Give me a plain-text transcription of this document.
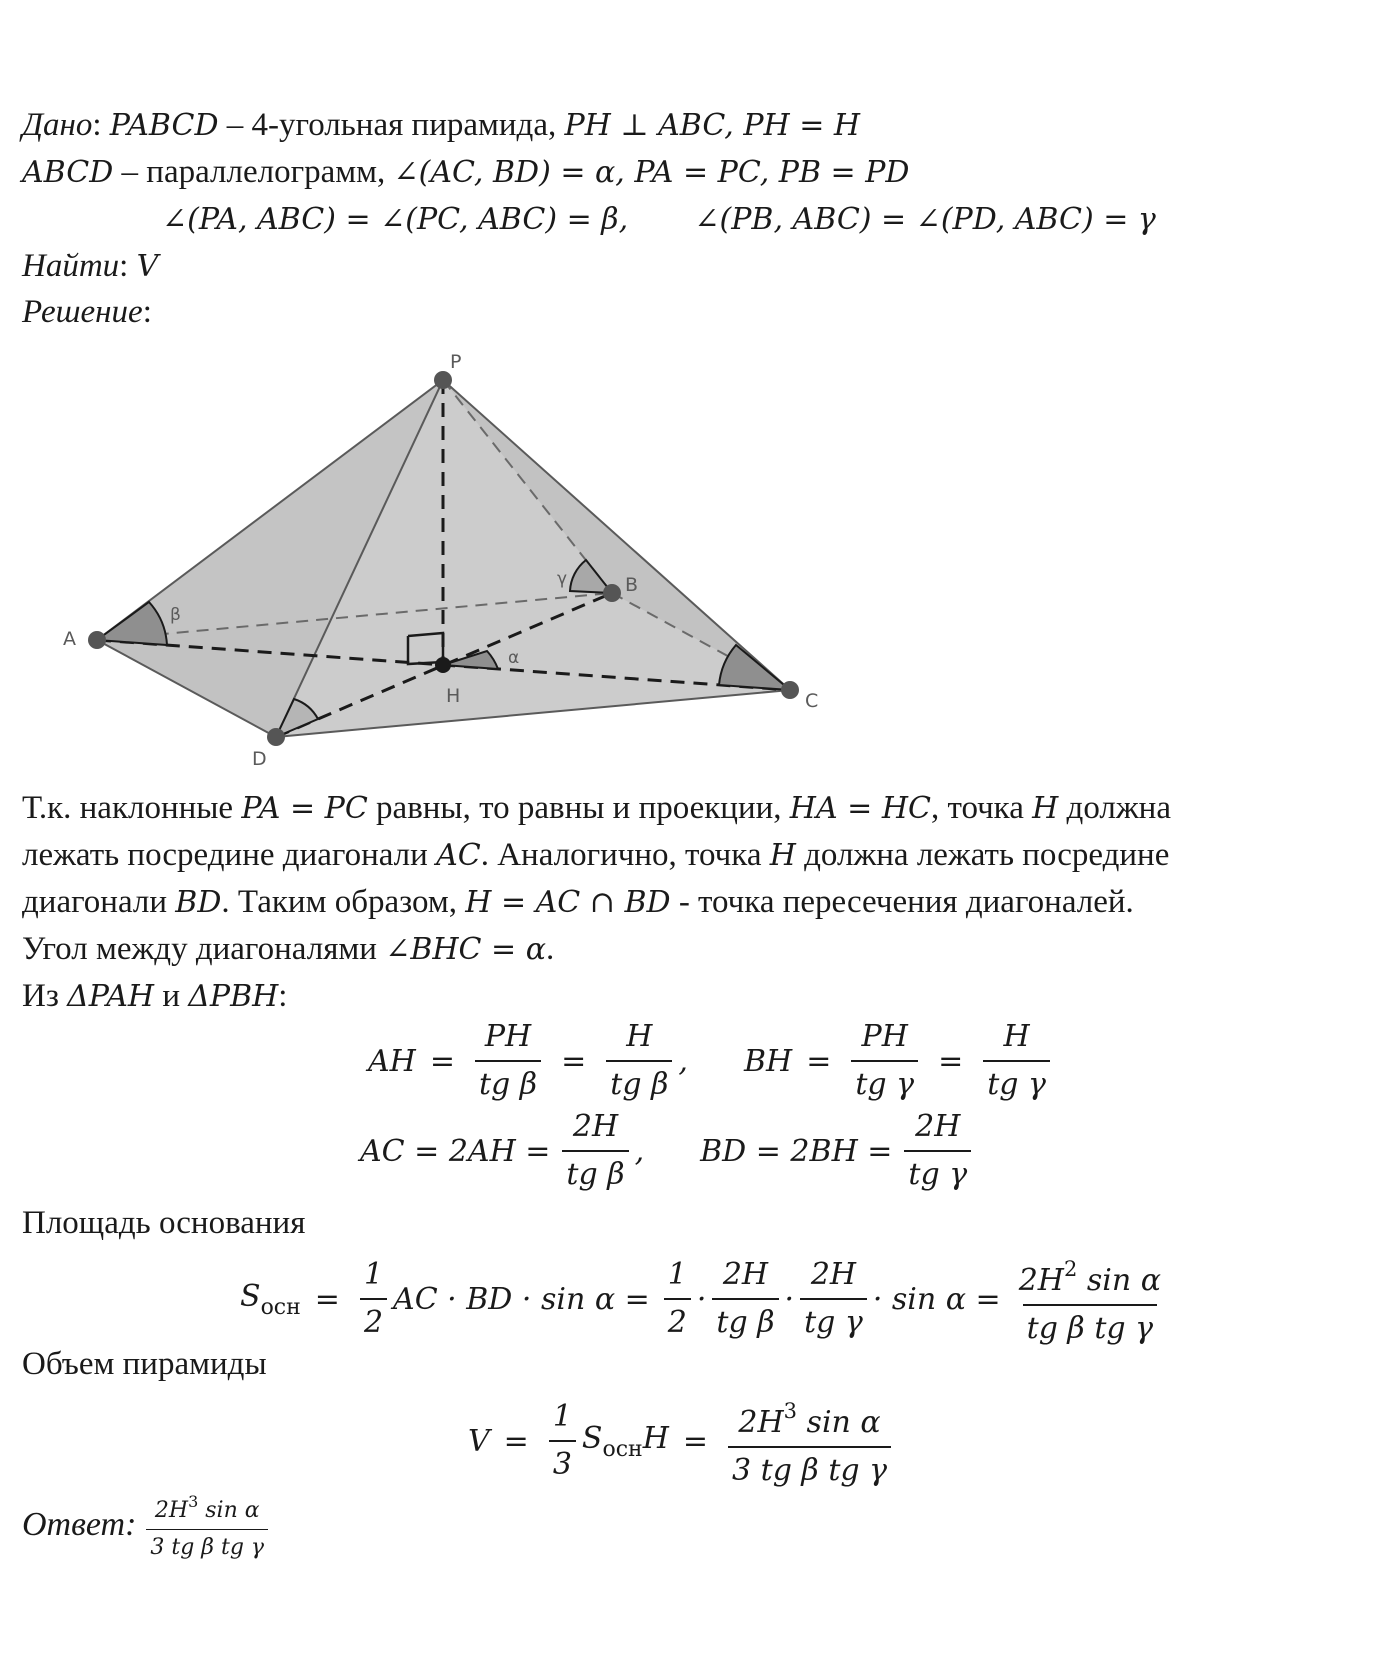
Дано: PABCD – 4-угольная пирамида, PH ⊥ ABC, PH = H
ABCD – параллелограмм, ∠(AC, BD) = α, PA = PC, PB = PD
∠(PA, ABC) = ∠(PC, ABC) = β, ∠(PB, ABC) = ∠(PD, ABC) = γ
Найти: V
Решение:
P
A
B
C
D
H
α
β
γ
Т.к. наклонные PA = PC равны, то равны и проекции, HA = HC, точка H должна
лежать посредине диагонали AC. Аналогично, точка H должна лежать посредине
диагонали BD. Таким образом, H = AC ∩ BD - точка пересечения диагоналей.
Угол между диагоналями ∠BHC = α.
Из ΔPAH и ΔPBH:
AH = $\frac{PH}{\text{tg β}} = \frac{H}{\text{tg β}}$ , BH = $\frac{PH}{\text{tg γ}} = \frac{H}{\text{tg γ}}$
AC = $2AH = \frac{2H}{\text{tg β}}$ , BD = $2BH = \frac{2H}{\text{tg γ}}$
Площадь основания
$S_{осн} = \frac{1}{2}$ AC · BD · $\sin \alpha = \frac{1}{2} \cdot \frac{2H}{\text{tg β}} \cdot \frac{2H}{\text{tg γ}} \cdot \sin \alpha = \frac{2H^2 \sin \alpha}{\text{tg β tg γ}}$
Объем пирамиды
$V = \frac{1}{3} S_{осн}H = \frac{2H^3 \sin \alpha}{\text{3 tg β tg γ}}$
Ответ: $\frac{2H^3 \sin \alpha}{\text{3 tg β tg γ}}$
